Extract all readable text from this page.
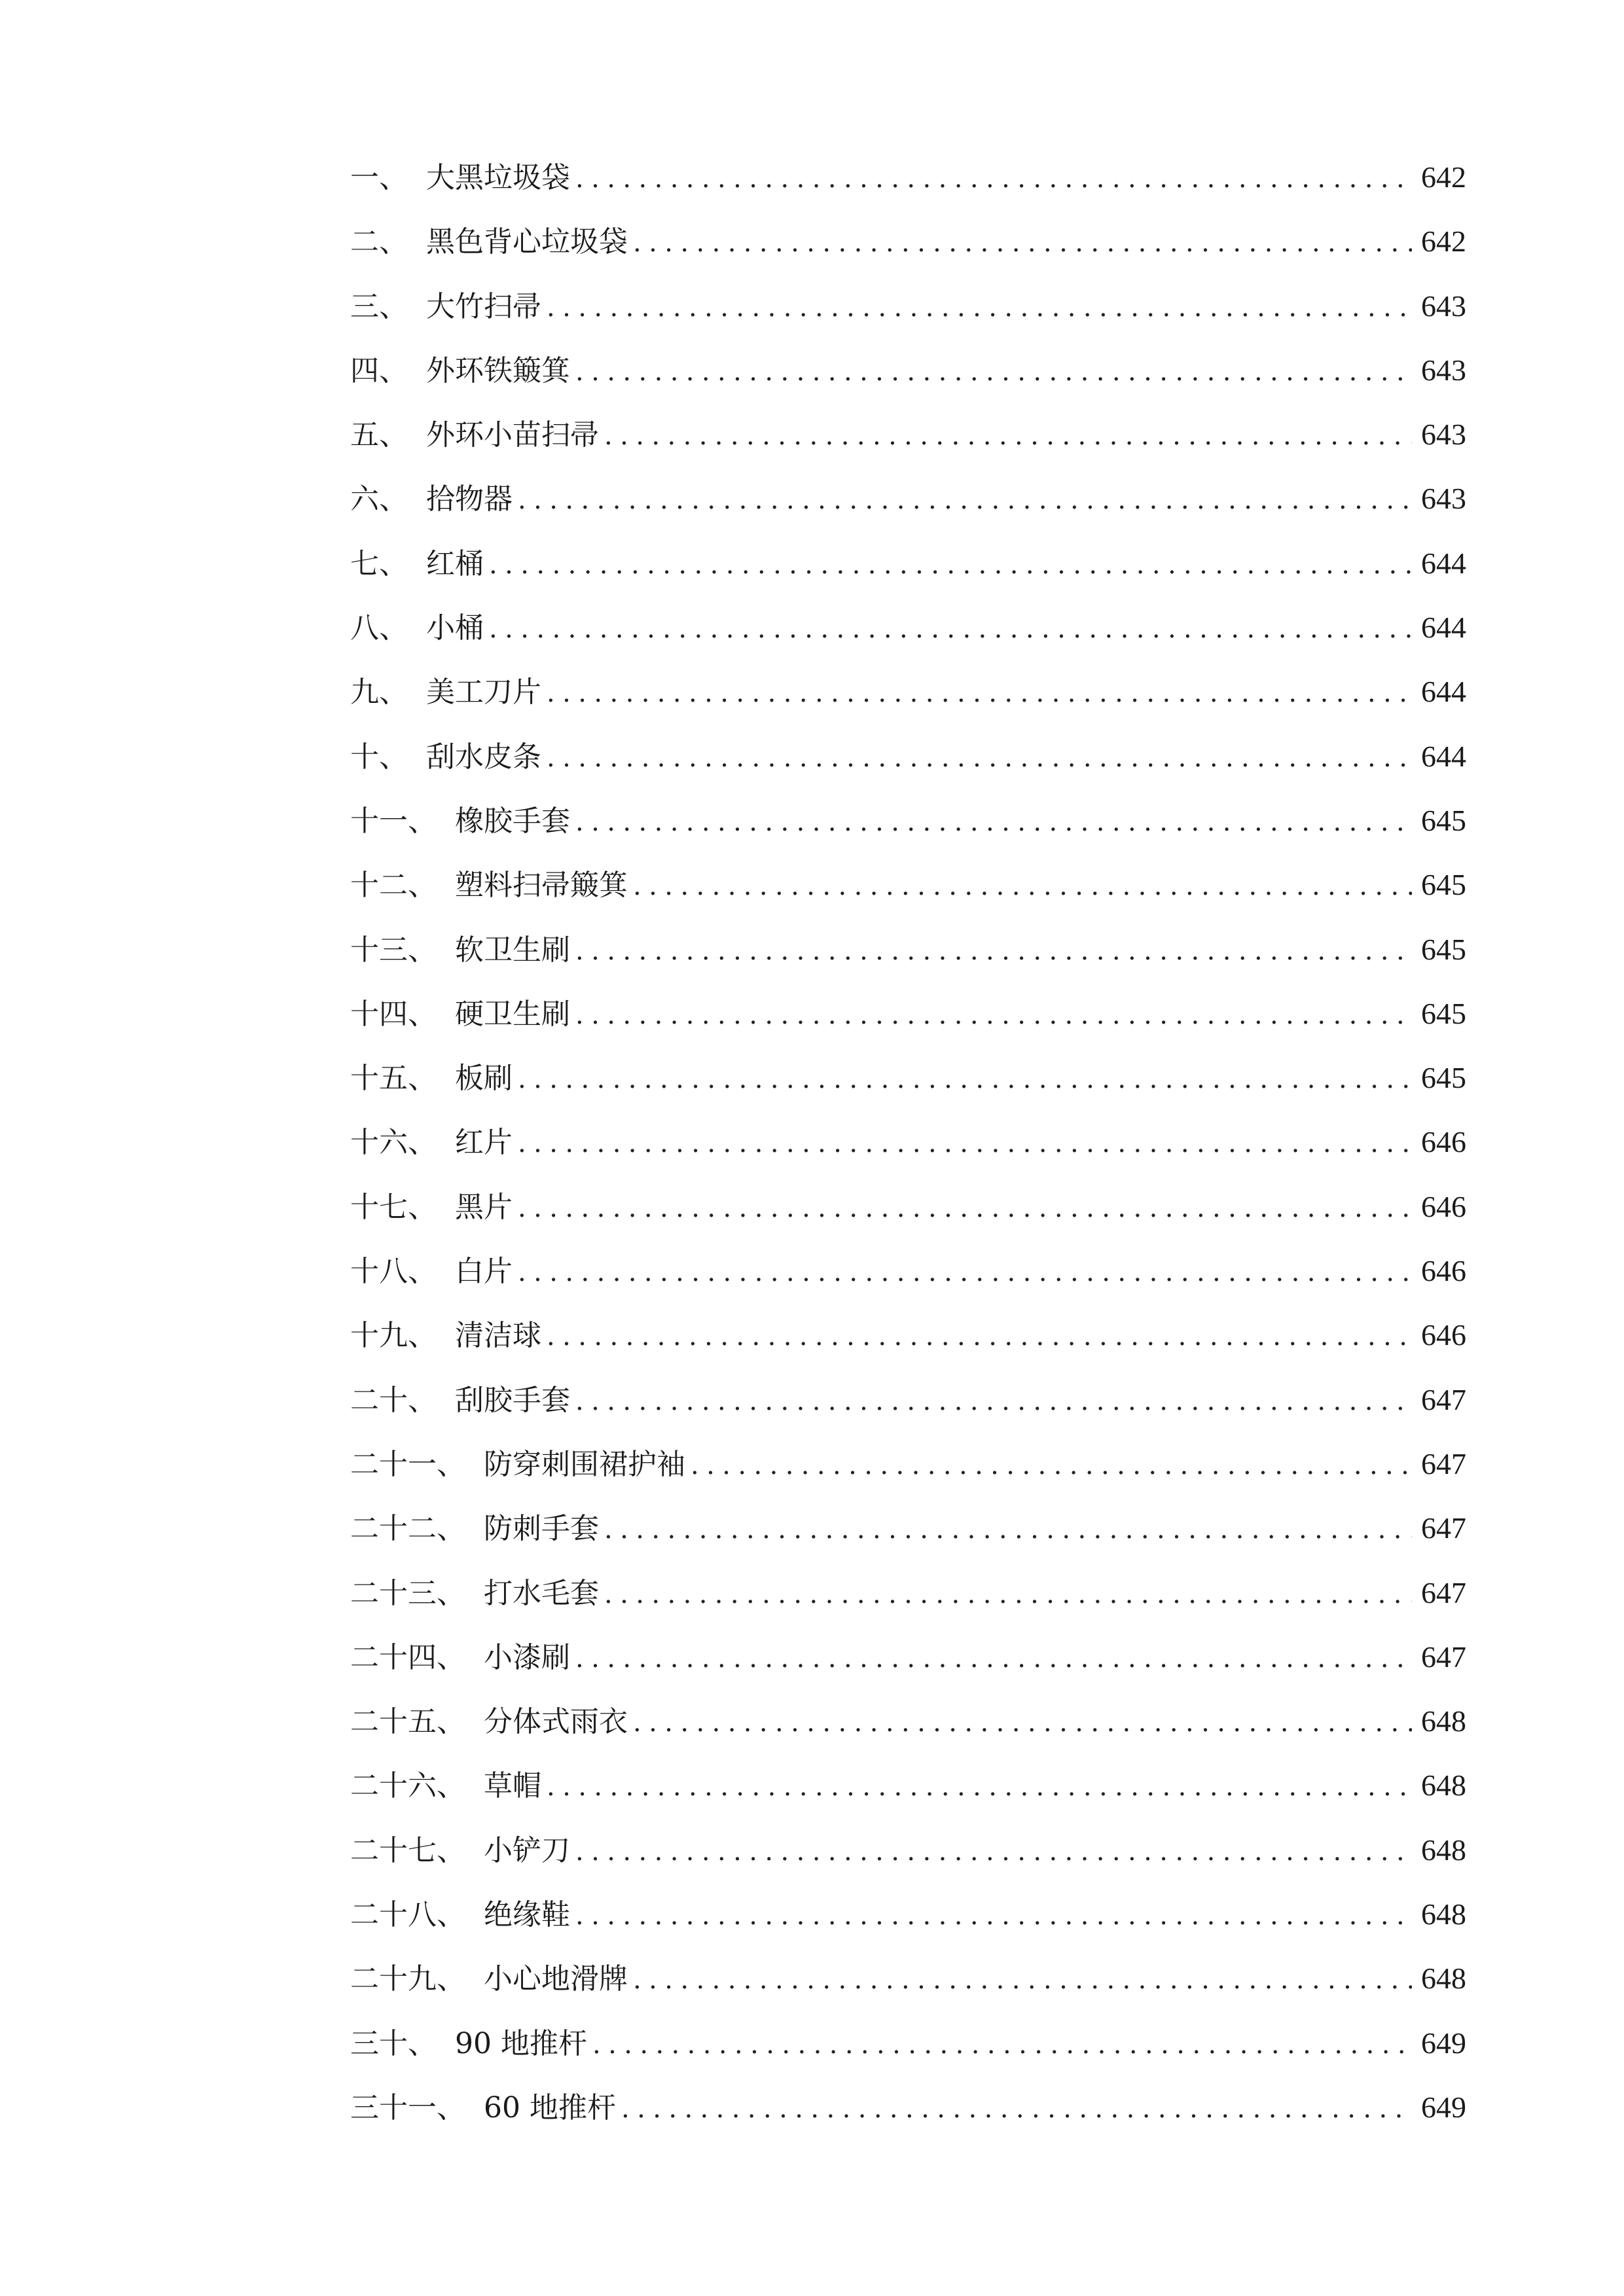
一、 大黑垃圾袋 .....	642
二、 黑色背心垃圾袋 .....	642
三、 大竹扫帚 .....	643
四、 外环铁簸箕 .....	643
五、 外环小苗扫帚 .....	643
六、 拾物器 .....	643
七、 红桶 .....	644
八、 小桶 .....	644
九、 美工刀片 .....	644
十、 刮水皮条 .....	644
十一、 橡胶手套 .....	645
十二、 塑料扫帚簸箕 .....	645
十三、 软卫生刷 .....	645
十四、 硬卫生刷 .....	645
十五、 板刷 .....	645
十六、 红片 .....	646
十七、 黑片 .....	646
十八、 白片 .....	646
十九、 清洁球 .....	646
二十、 刮胶手套 .....	647
二十一、 防穿刺围裙护袖 .....	647
二十二、 防刺手套 .....	647
二十三、 打水毛套 .....	647
二十四、 小漆刷 .....	647
二十五、 分体式雨衣 .....	648
二十六、 草帽 .....	648
二十七、 小铲刀 .....	648
二十八、 绝缘鞋 .....	648
二十九、 小心地滑牌 .....	648
三十、 90 地推杆 .....	649
三十一、 60 地推杆 .....	649
